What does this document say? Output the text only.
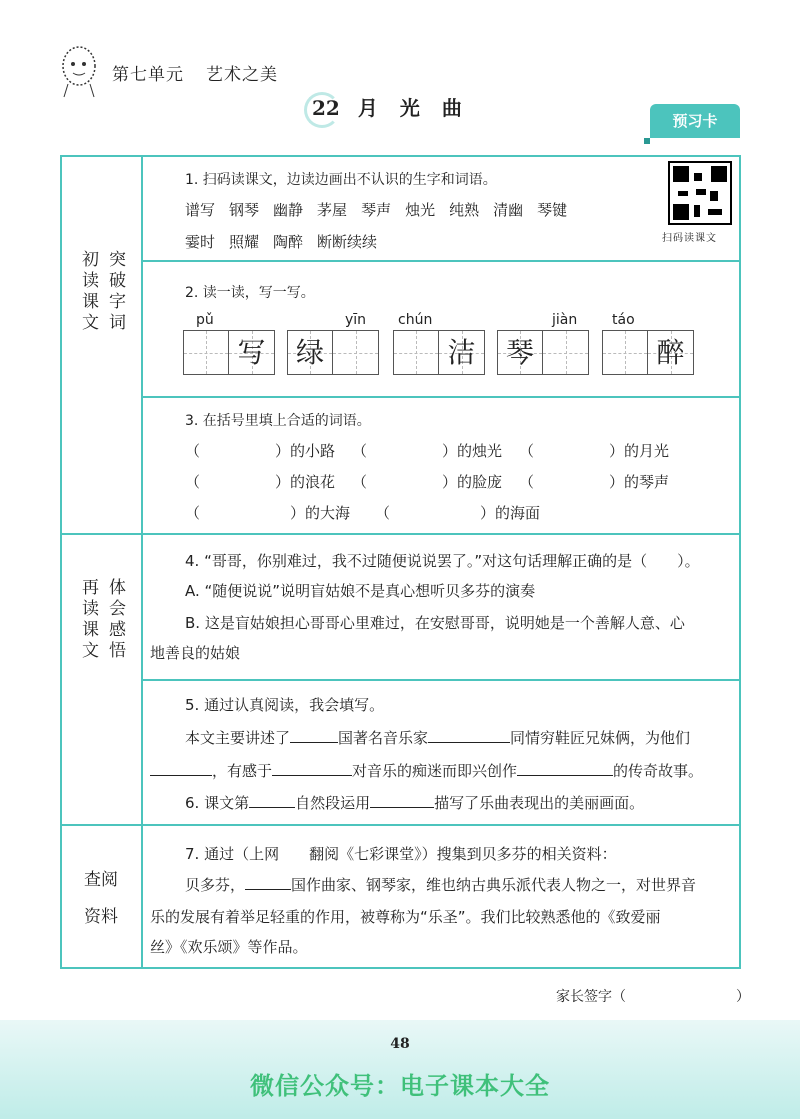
第七单元 艺术之美
22 月光曲
预习卡
初读课文 突破字词
再读课文 体会感悟
查阅
资料
1. 扫码读课文，边读边画出不认识的生字和词语。
谱写 钢琴 幽静 茅屋 琴声 烛光 纯熟 清幽 琴键
霎时 照耀 陶醉 断断续续	扫码读课文
2. 读一读，写一写。
pǔ	yīn chún	jiàn táo
写	绿	洁	琴	醉
3. 在括号里填上合适的词语。
（　　　　　）的小路 （　　　　　）的烛光 （　　　　　）的月光
（　　　　　）的浪花 （　　　　　）的脸庞 （　　　　　）的琴声
（　　　　　　）的大海 （　　　　　　）的海面
4. “哥哥，你别难过，我不过随便说说罢了。”对这句话理解正确的是（　　）。
A. “随便说说”说明盲姑娘不是真心想听贝多芬的演奏
B. 这是盲姑娘担心哥哥心里难过，在安慰哥哥，说明她是一个善解人意、心
地善良的姑娘
5. 通过认真阅读，我会填写。
本文主要讲述了	国著名音乐家	同情穷鞋匠兄妹俩，为他们
，有感于	对音乐的痴迷而即兴创作	的传奇故事。
6. 课文第	自然段运用	描写了乐曲表现出的美丽画面。
7. 通过（上网　　翻阅《七彩课堂》）搜集到贝多芬的相关资料：
贝多芬，	国作曲家、钢琴家，维也纳古典乐派代表人物之一，对世界音
乐的发展有着举足轻重的作用，被尊称为“乐圣”。我们比较熟悉他的《致爱丽
丝》《欢乐颂》等作品。
家长签字（	）
48
微信公众号：电子课本大全
